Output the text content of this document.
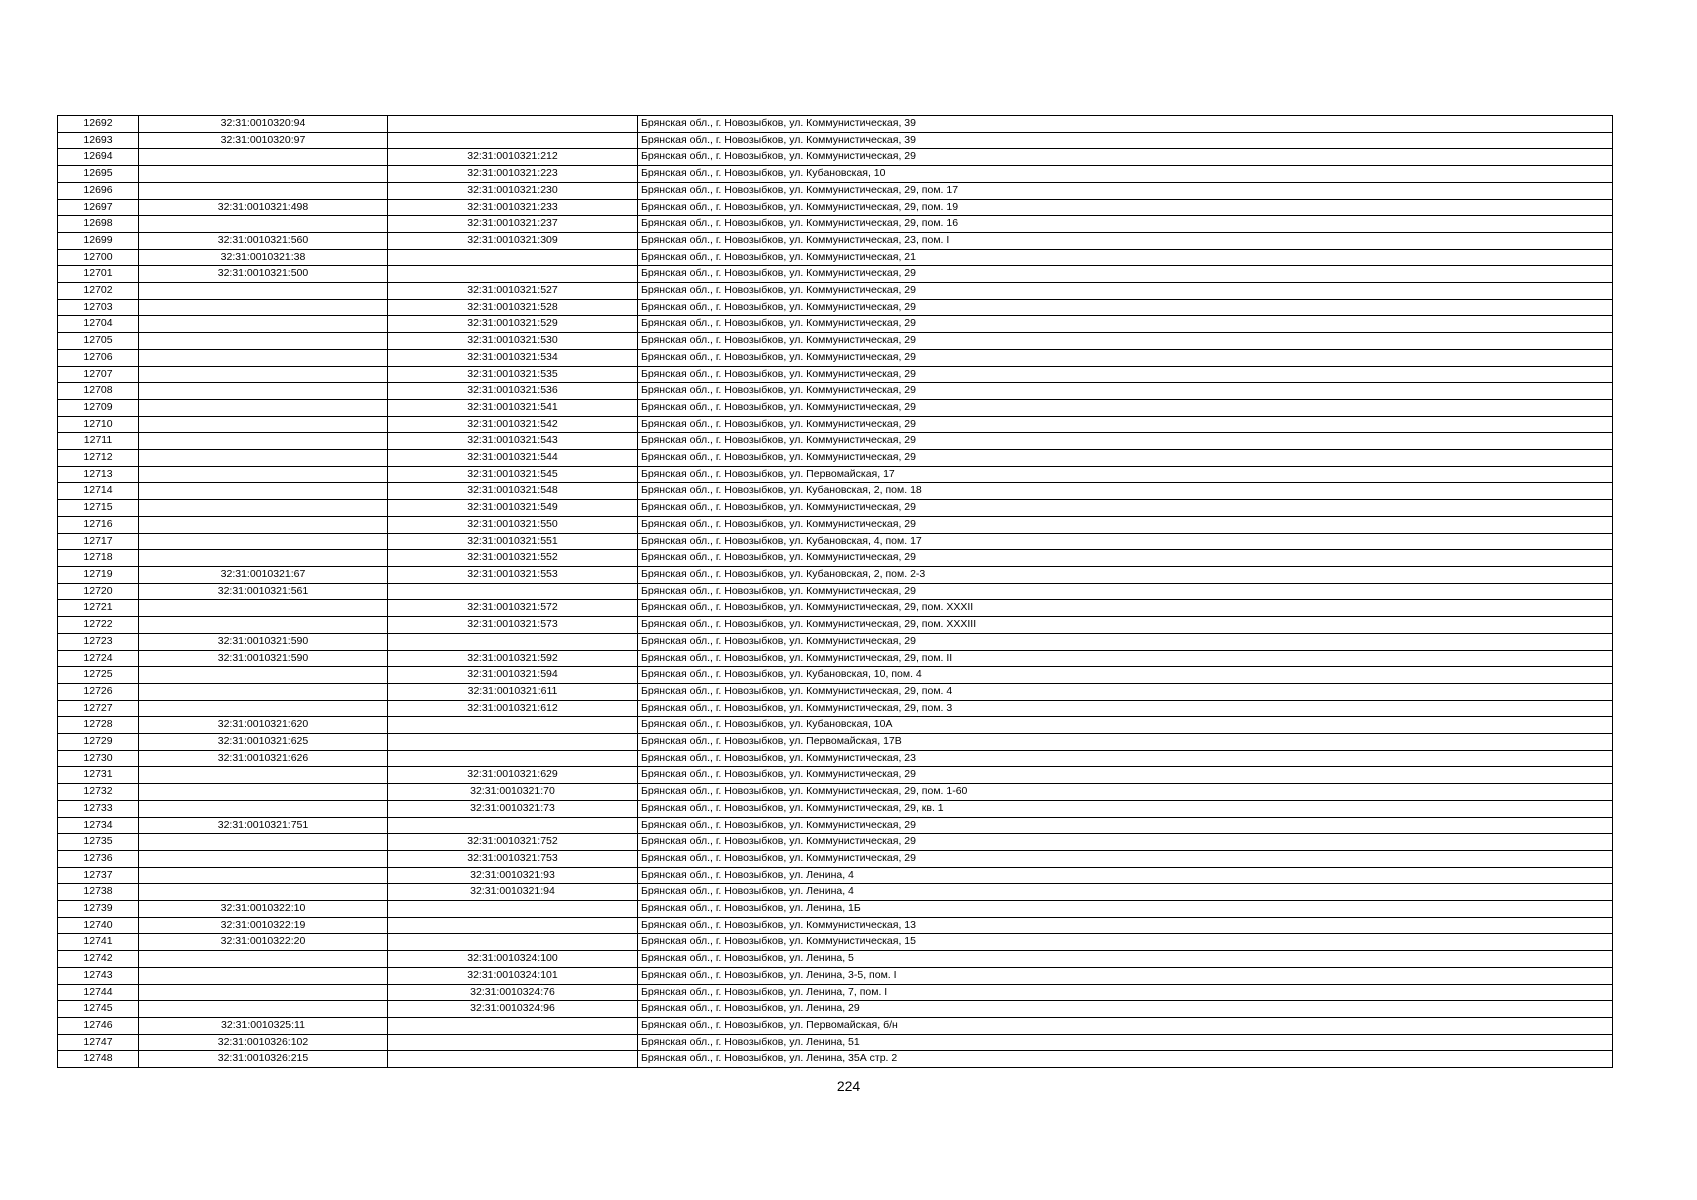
12692	32:31:0010320:94		Брянская обл., г. Новозыбков, ул. Коммунистическая, 39
12693	32:31:0010320:97		Брянская обл., г. Новозыбков, ул. Коммунистическая, 39
12694		32:31:0010321:212	Брянская обл., г. Новозыбков, ул. Коммунистическая, 29
12695		32:31:0010321:223	Брянская обл., г. Новозыбков, ул. Кубановская, 10
12696		32:31:0010321:230	Брянская обл., г. Новозыбков, ул. Коммунистическая, 29, пом. 17
12697	32:31:0010321:498	32:31:0010321:233	Брянская обл., г. Новозыбков, ул. Коммунистическая, 29, пом. 19
12698		32:31:0010321:237	Брянская обл., г. Новозыбков, ул. Коммунистическая, 29, пом. 16
12699	32:31:0010321:560	32:31:0010321:309	Брянская обл., г. Новозыбков, ул. Коммунистическая, 23, пом. I
12700	32:31:0010321:38		Брянская обл., г. Новозыбков, ул. Коммунистическая, 21
12701	32:31:0010321:500		Брянская обл., г. Новозыбков, ул. Коммунистическая, 29
12702		32:31:0010321:527	Брянская обл., г. Новозыбков, ул. Коммунистическая, 29
12703		32:31:0010321:528	Брянская обл., г. Новозыбков, ул. Коммунистическая, 29
12704		32:31:0010321:529	Брянская обл., г. Новозыбков, ул. Коммунистическая, 29
12705		32:31:0010321:530	Брянская обл., г. Новозыбков, ул. Коммунистическая, 29
12706		32:31:0010321:534	Брянская обл., г. Новозыбков, ул. Коммунистическая, 29
12707		32:31:0010321:535	Брянская обл., г. Новозыбков, ул. Коммунистическая, 29
12708		32:31:0010321:536	Брянская обл., г. Новозыбков, ул. Коммунистическая, 29
12709		32:31:0010321:541	Брянская обл., г. Новозыбков, ул. Коммунистическая, 29
12710		32:31:0010321:542	Брянская обл., г. Новозыбков, ул. Коммунистическая, 29
12711		32:31:0010321:543	Брянская обл., г. Новозыбков, ул. Коммунистическая, 29
12712		32:31:0010321:544	Брянская обл., г. Новозыбков, ул. Коммунистическая, 29
12713		32:31:0010321:545	Брянская обл., г. Новозыбков, ул. Первомайская, 17
12714		32:31:0010321:548	Брянская обл., г. Новозыбков, ул. Кубановская, 2, пом. 18
12715		32:31:0010321:549	Брянская обл., г. Новозыбков, ул. Коммунистическая, 29
12716		32:31:0010321:550	Брянская обл., г. Новозыбков, ул. Коммунистическая, 29
12717		32:31:0010321:551	Брянская обл., г. Новозыбков, ул. Кубановская, 4, пом. 17
12718		32:31:0010321:552	Брянская обл., г. Новозыбков, ул. Коммунистическая, 29
12719	32:31:0010321:67	32:31:0010321:553	Брянская обл., г. Новозыбков, ул. Кубановская, 2, пом. 2-3
12720	32:31:0010321:561		Брянская обл., г. Новозыбков, ул. Коммунистическая, 29
12721		32:31:0010321:572	Брянская обл., г. Новозыбков, ул. Коммунистическая, 29, пом. XXXII
12722		32:31:0010321:573	Брянская обл., г. Новозыбков, ул. Коммунистическая, 29, пом. XXXIII
12723	32:31:0010321:590		Брянская обл., г. Новозыбков, ул. Коммунистическая, 29
12724	32:31:0010321:590	32:31:0010321:592	Брянская обл., г. Новозыбков, ул. Коммунистическая, 29, пом. II
12725		32:31:0010321:594	Брянская обл., г. Новозыбков, ул. Кубановская, 10, пом. 4
12726		32:31:0010321:611	Брянская обл., г. Новозыбков, ул. Коммунистическая, 29, пом. 4
12727		32:31:0010321:612	Брянская обл., г. Новозыбков, ул. Коммунистическая, 29, пом. 3
12728	32:31:0010321:620		Брянская обл., г. Новозыбков, ул. Кубановская, 10А
12729	32:31:0010321:625		Брянская обл., г. Новозыбков, ул. Первомайская, 17В
12730	32:31:0010321:626		Брянская обл., г. Новозыбков, ул. Коммунистическая, 23
12731		32:31:0010321:629	Брянская обл., г. Новозыбков, ул. Коммунистическая, 29
12732		32:31:0010321:70	Брянская обл., г. Новозыбков, ул. Коммунистическая, 29, пом. 1-60
12733		32:31:0010321:73	Брянская обл., г. Новозыбков, ул. Коммунистическая, 29, кв. 1
12734	32:31:0010321:751		Брянская обл., г. Новозыбков, ул. Коммунистическая, 29
12735		32:31:0010321:752	Брянская обл., г. Новозыбков, ул. Коммунистическая, 29
12736		32:31:0010321:753	Брянская обл., г. Новозыбков, ул. Коммунистическая, 29
12737		32:31:0010321:93	Брянская обл., г. Новозыбков, ул. Ленина, 4
12738		32:31:0010321:94	Брянская обл., г. Новозыбков, ул. Ленина, 4
12739	32:31:0010322:10		Брянская обл., г. Новозыбков, ул. Ленина, 1Б
12740	32:31:0010322:19		Брянская обл., г. Новозыбков, ул. Коммунистическая, 13
12741	32:31:0010322:20		Брянская обл., г. Новозыбков, ул. Коммунистическая, 15
12742		32:31:0010324:100	Брянская обл., г. Новозыбков, ул. Ленина, 5
12743		32:31:0010324:101	Брянская обл., г. Новозыбков, ул. Ленина, 3-5, пом. I
12744		32:31:0010324:76	Брянская обл., г. Новозыбков, ул. Ленина, 7, пом. I
12745		32:31:0010324:96	Брянская обл., г. Новозыбков, ул. Ленина, 29
12746	32:31:0010325:11		Брянская обл., г. Новозыбков, ул. Первомайская, б/н
12747	32:31:0010326:102		Брянская обл., г. Новозыбков, ул. Ленина, 51
12748	32:31:0010326:215		Брянская обл., г. Новозыбков, ул. Ленина, 35А стр. 2
224
